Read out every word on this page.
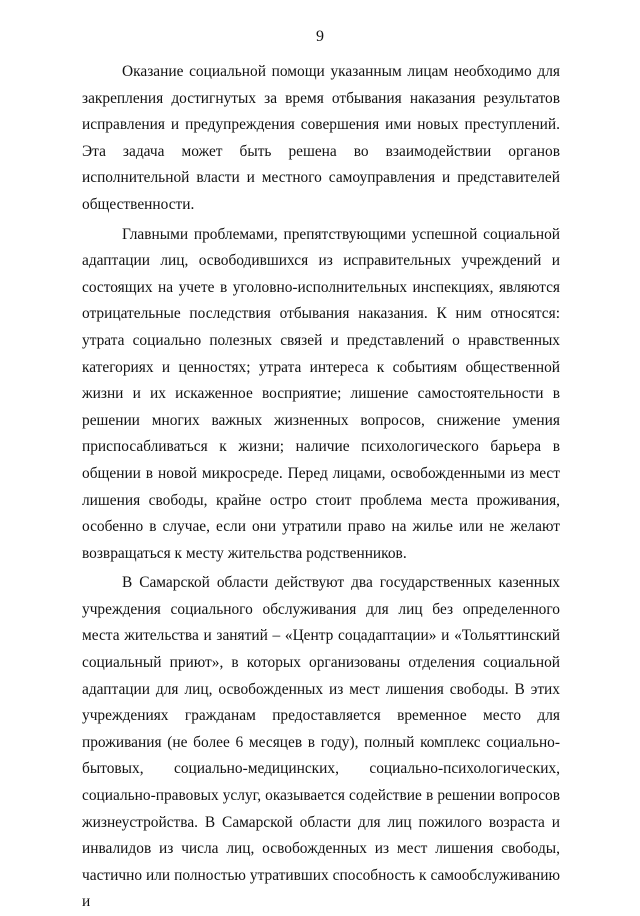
9

Оказание социальной помощи указанным лицам необходимо для закрепления достигнутых за время отбывания наказания результатов исправления и предупреждения совершения ими новых преступлений. Эта задача может быть решена во взаимодействии органов исполнительной власти и местного самоуправления и представителей общественности.

Главными проблемами, препятствующими успешной социальной адаптации лиц, освободившихся из исправительных учреждений и состоящих на учете в уголовно-исполнительных инспекциях, являются отрицательные последствия отбывания наказания. К ним относятся: утрата социально полезных связей и представлений о нравственных категориях и ценностях; утрата интереса к событиям общественной жизни и их искаженное восприятие; лишение самостоятельности в решении многих важных жизненных вопросов, снижение умения приспосабливаться к жизни; наличие психологического барьера в общении в новой микросреде. Перед лицами, освобожденными из мест лишения свободы, крайне остро стоит проблема места проживания, особенно в случае, если они утратили право на жилье или не желают возвращаться к месту жительства родственников.

В Самарской области действуют два государственных казенных учреждения социального обслуживания для лиц без определенного места жительства и занятий – «Центр соцадаптации» и «Тольяттинский социальный приют», в которых организованы отделения социальной адаптации для лиц, освобожденных из мест лишения свободы. В этих учреждениях гражданам предоставляется временное место для проживания (не более 6 месяцев в году), полный комплекс социально-бытовых, социально-медицинских, социально-психологических, социально-правовых услуг, оказывается содействие в решении вопросов жизнеустройства. В Самарской области для лиц пожилого возраста и инвалидов из числа лиц, освобожденных из мест лишения свободы, частично или полностью утративших способность к самообслуживанию и
